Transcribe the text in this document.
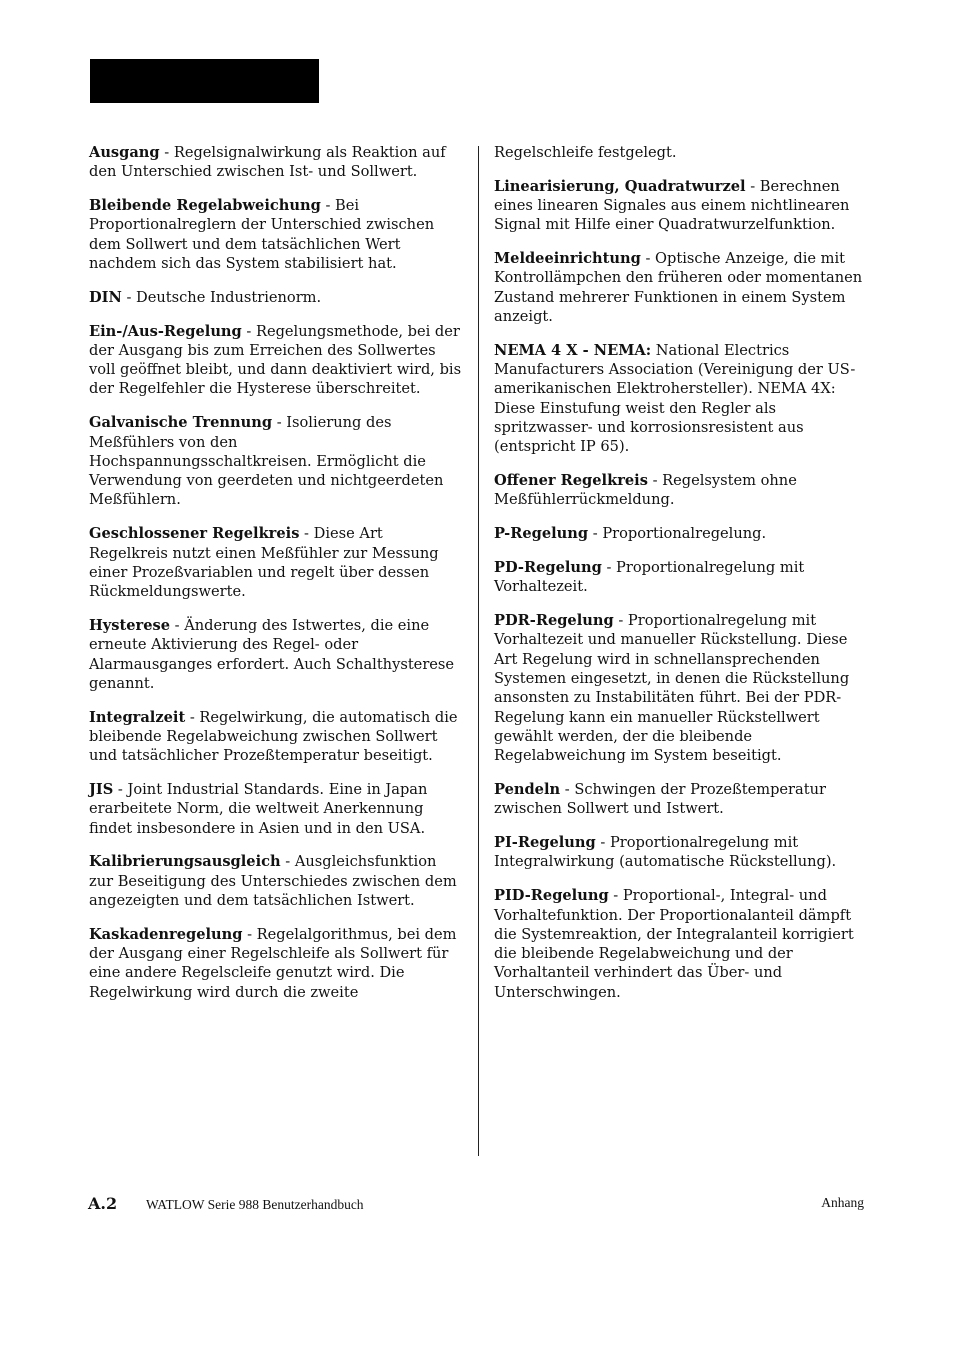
Ausgang - Regelsignalwirkung als Reaktion auf den Unterschied zwischen Ist- und Sollwert.

Bleibende Regelabweichung - Bei Proportionalreglern der Unterschied zwischen dem Sollwert und dem tatsächlichen Wert nachdem sich das System stabilisiert hat.

DIN - Deutsche Industrienorm.

Ein-/Aus-Regelung - Regelungsmethode, bei der der Ausgang bis zum Erreichen des Sollwertes voll geöffnet bleibt, und dann deaktiviert wird, bis der Regelfehler die Hysterese überschreitet.

Galvanische Trennung - Isolierung des Meßfühlers von den Hochspannungsschaltkreisen. Ermöglicht die Verwendung von geerdeten und nichtgeerdeten Meßfühlern.

Geschlossener Regelkreis - Diese Art Regelkreis nutzt einen Meßfühler zur Messung einer Prozeßvariablen und regelt über dessen Rückmeldungswerte.

Hysterese - Änderung des Istwertes, die eine erneute Aktivierung des Regel- oder Alarmausganges erfordert. Auch Schalthysterese genannt.

Integralzeit - Regelwirkung, die automatisch die bleibende Regelabweichung zwischen Sollwert und tatsächlicher Prozeßtemperatur beseitigt.

JIS - Joint Industrial Standards. Eine in Japan erarbeitete Norm, die weltweit Anerkennung findet insbesondere in Asien und in den USA.

Kalibrierungsausgleich - Ausgleichsfunktion zur Beseitigung des Unterschiedes zwischen dem angezeigten und dem tatsächlichen Istwert.

Kaskadenregelung - Regelalgorithmus, bei dem der Ausgang einer Regelschleife als Sollwert für eine andere Regelscleife genutzt wird. Die Regelwirkung wird durch die zweite

Regelschleife festgelegt.

Linearisierung, Quadratwurzel - Berechnen eines linearen Signales aus einem nichtlinearen Signal mit Hilfe einer Quadratwurzelfunktion.

Meldeeinrichtung - Optische Anzeige, die mit Kontrollämpchen den früheren oder momentanen Zustand mehrerer Funktionen in einem System anzeigt.

NEMA 4 X - NEMA: National Electrics Manufacturers Association (Vereinigung der US-amerikanischen Elektrohersteller). NEMA 4X: Diese Einstufung weist den Regler als spritzwasser- und korrosionsresistent aus (entspricht IP 65).

Offener Regelkreis - Regelsystem ohne Meßfühlerrückmeldung.

P-Regelung - Proportionalregelung.

PD-Regelung - Proportionalregelung mit Vorhaltezeit.

PDR-Regelung - Proportionalregelung mit Vorhaltezeit und manueller Rückstellung. Diese Art Regelung wird in schnellansprechenden Systemen eingesetzt, in denen die Rückstellung ansonsten zu Instabilitäten führt. Bei der PDR-Regelung kann ein manueller Rückstellwert gewählt werden, der die bleibende Regelabweichung im System beseitigt.

Pendeln - Schwingen der Prozeßtemperatur zwischen Sollwert und Istwert.

PI-Regelung - Proportionalregelung mit Integralwirkung (automatische Rückstellung).

PID-Regelung - Proportional-, Integral- und Vorhaltefunktion. Der Proportionalanteil dämpft die Systemreaktion, der Integralanteil korrigiert die bleibende Regelabweichung und der Vorhaltanteil verhindert das Über- und Unterschwingen.

A.2 WATLOW Serie 988 Benutzerhandbuch	Anhang
